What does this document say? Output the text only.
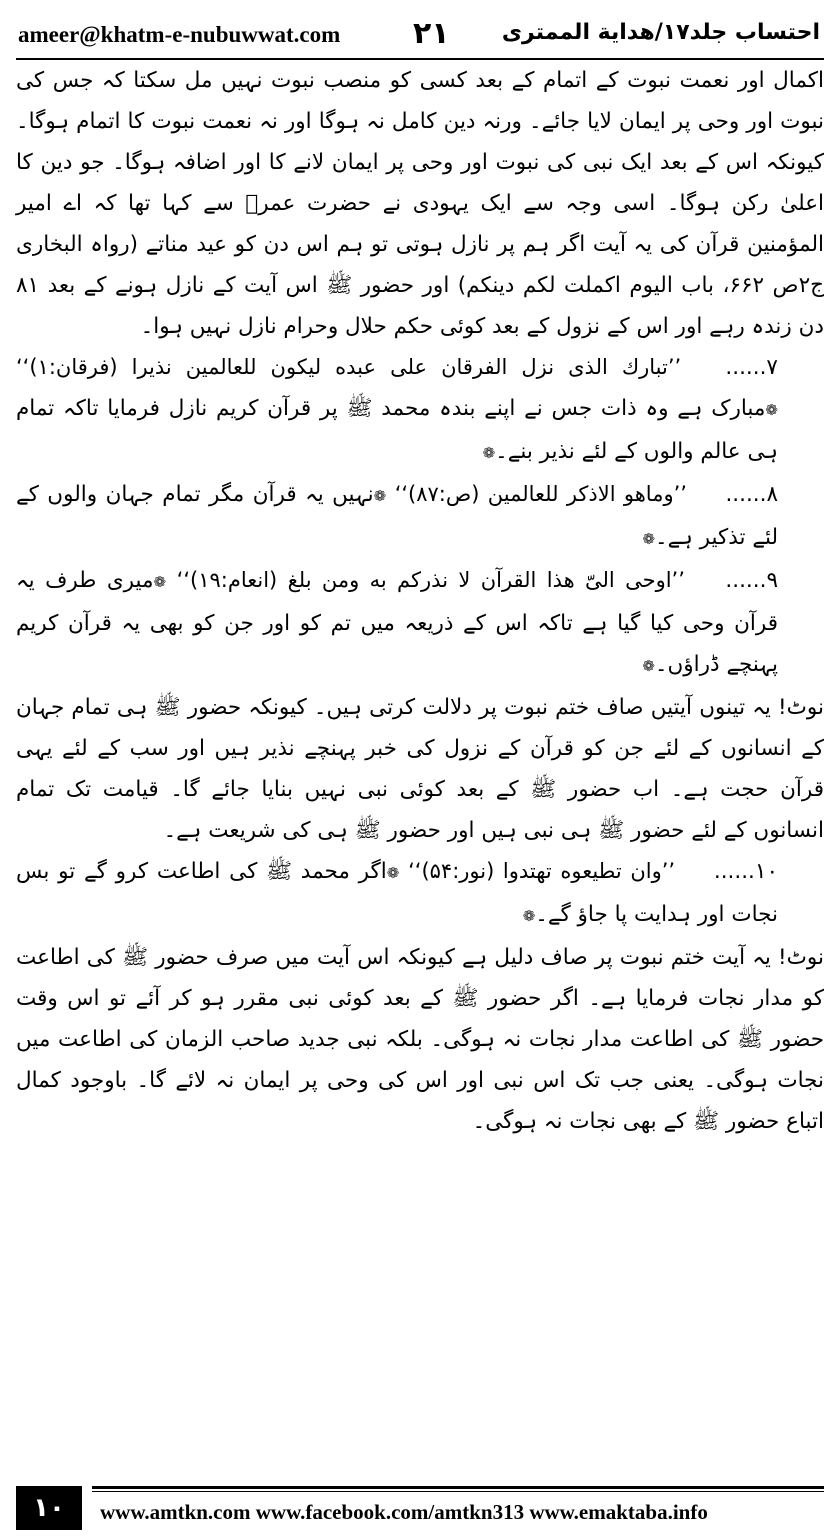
ameer@khatm-e-nubuwwat.com ۲۱ احتساب جلد۱۷/هداية الممترى

اکمال اور نعمت نبوت کے اتمام کے بعد کسی کو منصب نبوت نہیں مل سکتا کہ جس کی نبوت اور وحی پر ایمان لایا جائے۔ ورنہ دین کامل نہ ہوگا اور نہ نعمت نبوت کا اتمام ہوگا۔ کیونکہ اس کے بعد ایک نبی کی نبوت اور وحی پر ایمان لانے کا اور اضافہ ہوگا۔ جو دین کا اعلیٰ رکن ہوگا۔ اسی وجہ سے ایک یہودی نے حضرت عمرؓ سے کہا تھا کہ اے امیر المؤمنین قرآن کی یہ آیت اگر ہم پر نازل ہوتی تو ہم اس دن کو عید مناتے (رواہ البخاری ج۲ص ۶۶۲، باب اليوم اکملت لکم دينکم) اور حضور ﷺ اس آیت کے نازل ہونے کے بعد ۸۱ دن زندہ رہے اور اس کے نزول کے بعد کوئی حکم حلال وحرام نازل نہیں ہوا۔

۷...... ’’تبارك الذى نزل الفرقان على عبده ليكون للعالمين نذيرا (فرقان:۱)‘‘ ❁مبارک ہے وہ ذات جس نے اپنے بندہ محمد ﷺ پر قرآن کریم نازل فرمایا تاکہ تمام ہی عالم والوں کے لئے نذیر بنے۔❁

۸...... ’’وماهو الاذكر للعالمين (ص:۸۷)‘‘ ❁نہیں یہ قرآن مگر تمام جہان والوں کے لئے تذکیر ہے۔❁

۹...... ’’اوحى الىّ هذا القرآن لا نذركم به ومن بلغ (انعام:۱۹)‘‘ ❁میری طرف یہ قرآن وحی کیا گیا ہے تاکہ اس کے ذریعہ میں تم کو اور جن کو بھی یہ قرآن کریم پہنچے ڈراؤں۔❁

نوٹ! یہ تینوں آیتیں صاف ختم نبوت پر دلالت کرتی ہیں۔ کیونکہ حضور ﷺ ہی تمام جہان کے انسانوں کے لئے جن کو قرآن کے نزول کی خبر پہنچے نذیر ہیں اور سب کے لئے یہی قرآن حجت ہے۔ اب حضور ﷺ کے بعد کوئی نبی نہیں بنایا جائے گا۔ قیامت تک تمام انسانوں کے لئے حضور ﷺ ہی نبی ہیں اور حضور ﷺ ہی کی شریعت ہے۔

۱۰...... ’’وان تطيعوه تهتدوا (نور:۵۴)‘‘ ❁اگر محمد ﷺ کی اطاعت کرو گے تو بس نجات اور ہدایت پا جاؤ گے۔❁

نوٹ! یہ آیت ختم نبوت پر صاف دلیل ہے کیونکہ اس آیت میں صرف حضور ﷺ کی اطاعت کو مدار نجات فرمایا ہے۔ اگر حضور ﷺ کے بعد کوئی نبی مقرر ہو کر آئے تو اس وقت حضور ﷺ کی اطاعت مدار نجات نہ ہوگی۔ بلکہ نبی جدید صاحب الزمان کی اطاعت میں نجات ہوگی۔ یعنی جب تک اس نبی اور اس کی وحی پر ایمان نہ لائے گا۔ باوجود کمال اتباع حضور ﷺ کے بھی نجات نہ ہوگی۔

۱۰	www.amtkn.com www.facebook.com/amtkn313 www.emaktaba.info
